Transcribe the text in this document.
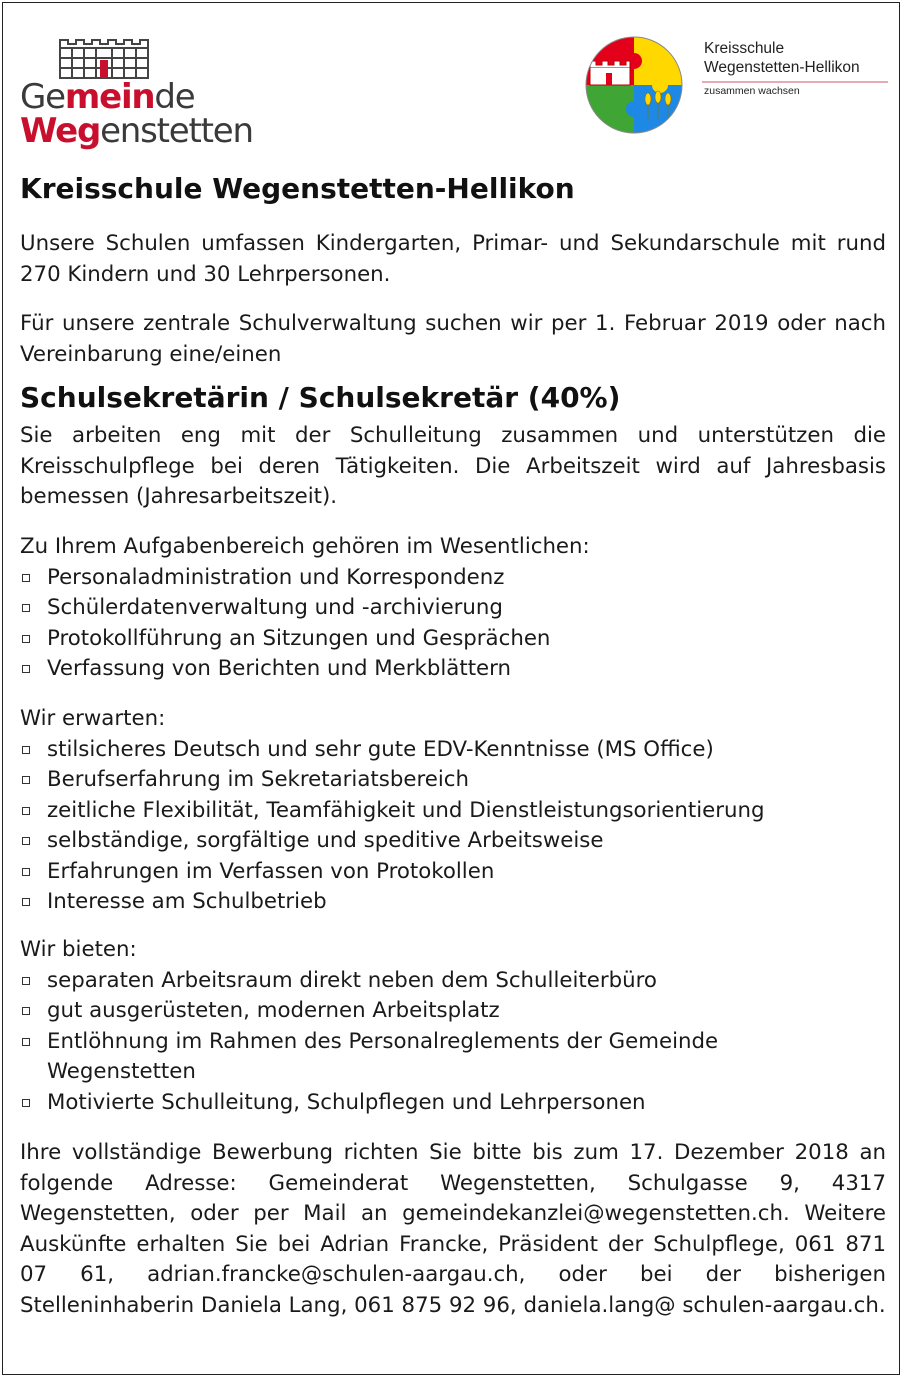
Gemeinde
Wegenstetten
Kreisschule
Wegenstetten-Hellikon
zusammen wachsen
Kreisschule Wegenstetten-Hellikon
Unsere Schulen umfassen Kindergarten, Primar- und Sekundarschule mit rund 270 Kindern und 30 Lehrpersonen.
Für unsere zentrale Schulverwaltung suchen wir per 1. Februar 2019 oder nach Vereinbarung eine/einen
Schulsekretärin / Schulsekretär (40%)
Sie arbeiten eng mit der Schulleitung zusammen und unterstützen die Kreisschulpflege bei deren Tätigkeiten. Die Arbeitszeit wird auf Jahresbasis bemessen (Jahresarbeitszeit).
Zu Ihrem Aufgabenbereich gehören im Wesentlichen:
Personaladministration und Korrespondenz
Schülerdatenverwaltung und -archivierung
Protokollführung an Sitzungen und Gesprächen
Verfassung von Berichten und Merkblättern
Wir erwarten:
stilsicheres Deutsch und sehr gute EDV-Kenntnisse (MS Office)
Berufserfahrung im Sekretariatsbereich
zeitliche Flexibilität, Teamfähigkeit und Dienstleistungsorientierung
selbständige, sorgfältige und speditive Arbeitsweise
Erfahrungen im Verfassen von Protokollen
Interesse am Schulbetrieb
Wir bieten:
separaten Arbeitsraum direkt neben dem Schulleiterbüro
gut ausgerüsteten, modernen Arbeitsplatz
Entlöhnung im Rahmen des Personalreglements der Gemeinde Wegenstetten
Motivierte Schulleitung, Schulpflegen und Lehrpersonen
Ihre vollständige Bewerbung richten Sie bitte bis zum 17. Dezember 2018 an folgende Adresse: Gemeinderat Wegenstetten, Schulgasse 9, 4317 Wegenstetten, oder per Mail an gemeindekanzlei@wegenstetten.ch. Weitere Auskünfte erhalten Sie bei Adrian Francke, Präsident der Schulpflege, 061 871 07 61, adrian.francke@schulen-aargau.ch, oder bei der bisherigen Stelleninhaberin Daniela Lang, 061 875 92 96, daniela.lang@ schulen-aargau.ch.
